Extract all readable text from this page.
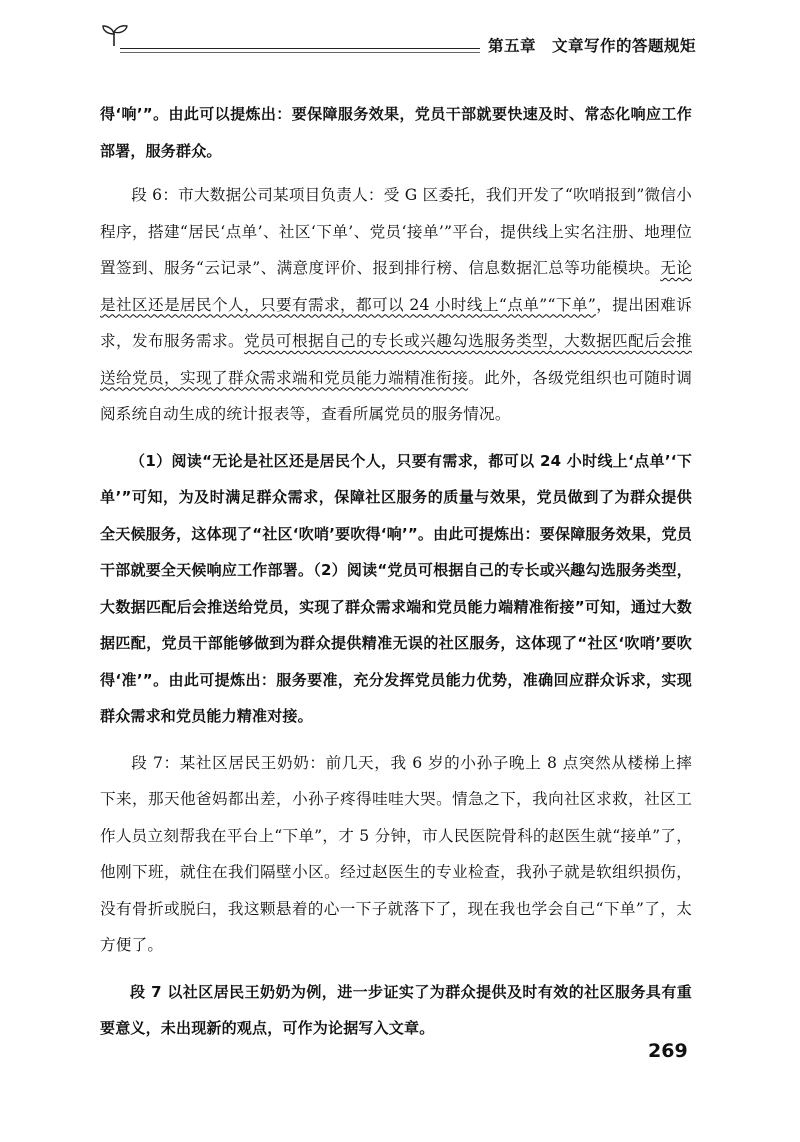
第五章　文章写作的答题规矩

得‘响’”。由此可以提炼出：要保障服务效果，党员干部就要快速及时、常态化响应工作部署，服务群众。

段 6：市大数据公司某项目负责人：受 G 区委托，我们开发了“吹哨报到”微信小程序，搭建“居民‘点单’、社区‘下单’、党员‘接单’”平台，提供线上实名注册、地理位置签到、服务“云记录”、满意度评价、报到排行榜、信息数据汇总等功能模块。无论是社区还是居民个人，只要有需求，都可以 24 小时线上“点单”“下单”，提出困难诉求，发布服务需求。党员可根据自己的专长或兴趣勾选服务类型，大数据匹配后会推送给党员，实现了群众需求端和党员能力端精准衔接。此外，各级党组织也可随时调阅系统自动生成的统计报表等，查看所属党员的服务情况。

（1）阅读“无论是社区还是居民个人，只要有需求，都可以 24 小时线上‘点单’‘下单’”可知，为及时满足群众需求，保障社区服务的质量与效果，党员做到了为群众提供全天候服务，这体现了“社区‘吹哨’要吹得‘响’”。由此可提炼出：要保障服务效果，党员干部就要全天候响应工作部署。（2）阅读“党员可根据自己的专长或兴趣勾选服务类型，大数据匹配后会推送给党员，实现了群众需求端和党员能力端精准衔接”可知，通过大数据匹配，党员干部能够做到为群众提供精准无误的社区服务，这体现了“社区‘吹哨’要吹得‘准’”。由此可提炼出：服务要准，充分发挥党员能力优势，准确回应群众诉求，实现群众需求和党员能力精准对接。

段 7：某社区居民王奶奶：前几天，我 6 岁的小孙子晚上 8 点突然从楼梯上摔下来，那天他爸妈都出差，小孙子疼得哇哇大哭。情急之下，我向社区求救，社区工作人员立刻帮我在平台上“下单”，才 5 分钟，市人民医院骨科的赵医生就“接单”了，他刚下班，就住在我们隔壁小区。经过赵医生的专业检查，我孙子就是软组织损伤，没有骨折或脱臼，我这颗悬着的心一下子就落下了，现在我也学会自己“下单”了，太方便了。

段 7 以社区居民王奶奶为例，进一步证实了为群众提供及时有效的社区服务具有重要意义，未出现新的观点，可作为论据写入文章。

269
